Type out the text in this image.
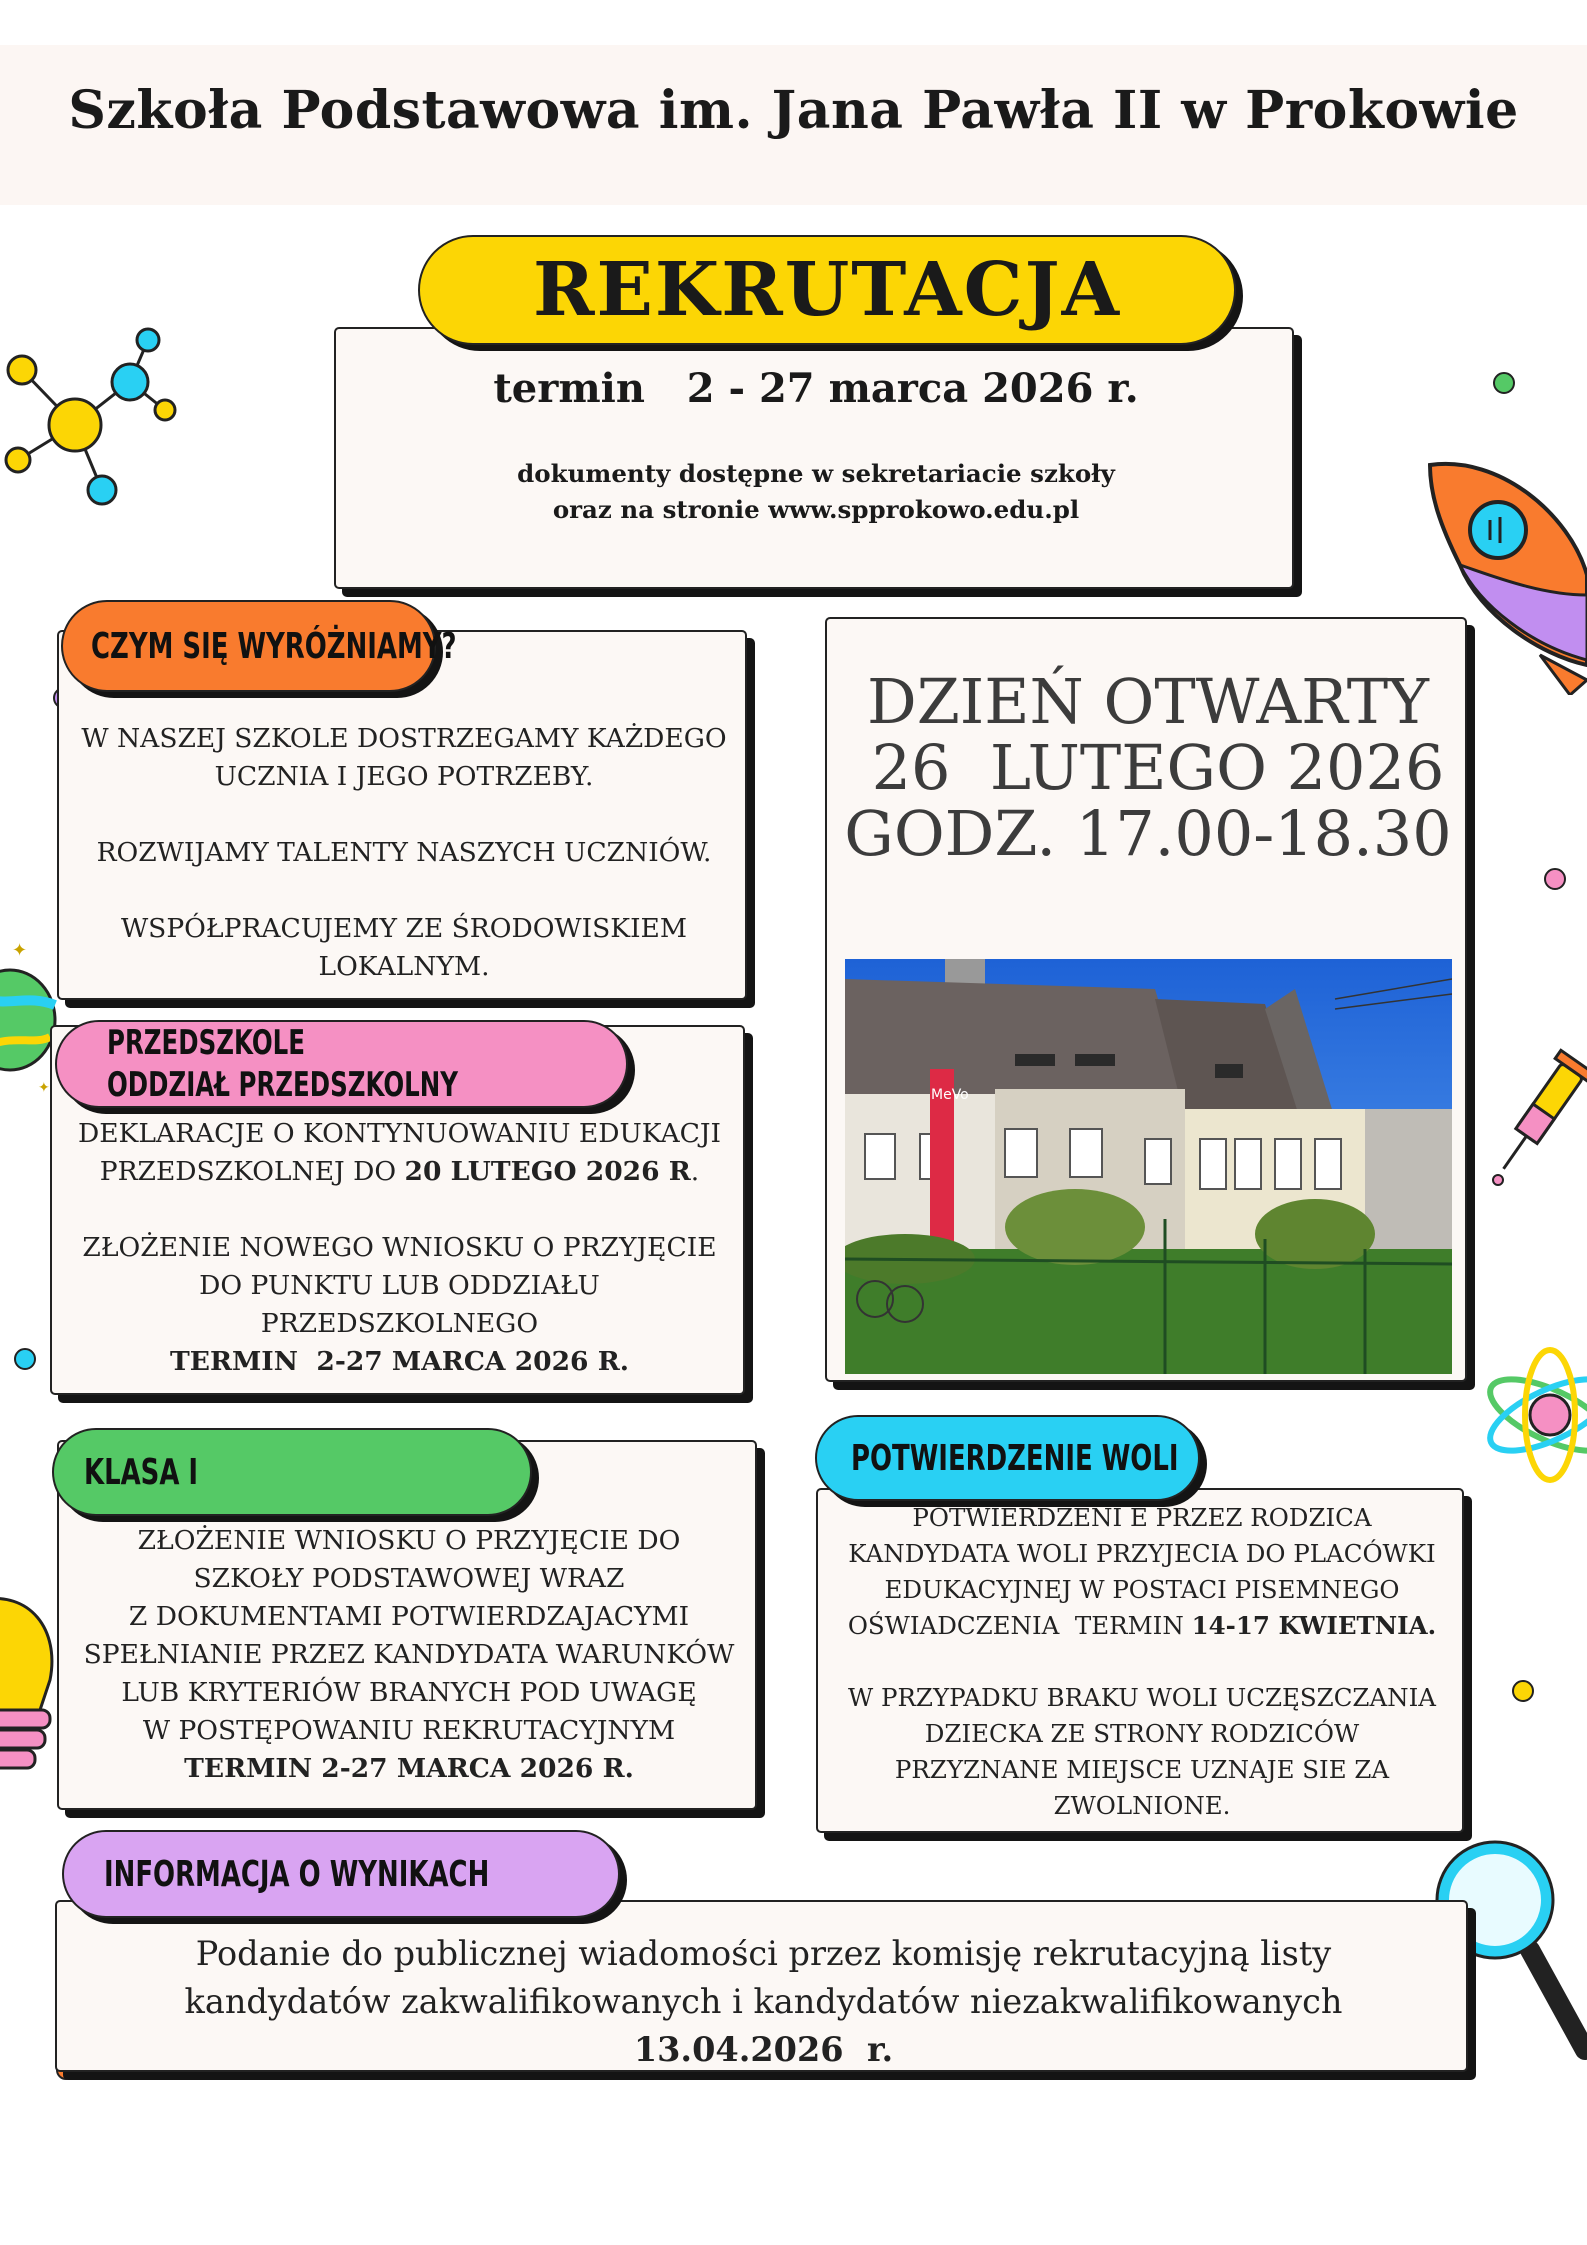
Szkoła Podstawowa im. Jana Pawła II w Prokowie
✦
✦
termin   2 - 27 marca 2026 r.
dokumenty dostępne w sekretariacie szkoły
oraz na stronie www.spprokowo.edu.pl
REKRUTACJA
W NASZEJ SZKOLE DOSTRZEGAMY KAŻDEGO
UCZNIA I JEGO POTRZEBY.
ROZWIJAMY TALENTY NASZYCH UCZNIÓW.
WSPÓŁPRACUJEMY ZE ŚRODOWISKIEM
LOKALNYM.
CZYM SIĘ WYRÓŻNIAMY?
DZIEŃ OTWARTY
26  LUTEGO 2026
GODZ. 17.00-18.30
MeVo
DEKLARACJE O KONTYNUOWANIU EDUKACJI
PRZEDSZKOLNEJ DO 20 LUTEGO 2026 R.
ZŁOŻENIE NOWEGO WNIOSKU O PRZYJĘCIE
DO PUNKTU LUB ODDZIAŁU
PRZEDSZKOLNEGO
TERMIN  2-27 MARCA 2026 R.
PRZEDSZKOLE
ODDZIAŁ PRZEDSZKOLNY
ZŁOŻENIE WNIOSKU O PRZYJĘCIE DO
SZKOŁY PODSTAWOWEJ WRAZ
Z DOKUMENTAMI POTWIERDZAJACYMI
SPEŁNIANIE PRZEZ KANDYDATA WARUNKÓW
LUB KRYTERIÓW BRANYCH POD UWAGĘ
W POSTĘPOWANIU REKRUTACYJNYM
TERMIN 2-27 MARCA 2026 R.
KLASA I
POTWIERDZENI E PRZEZ RODZICA
KANDYDATA WOLI PRZYJECIA DO PLACÓWKI
EDUKACYJNEJ W POSTACI PISEMNEGO
OŚWIADCZENIA  TERMIN 14-17 KWIETNIA.
W PRZYPADKU BRAKU WOLI UCZĘSZCZANIA
DZIECKA ZE STRONY RODZICÓW
PRZYZNANE MIEJSCE UZNAJE SIE ZA
ZWOLNIONE.
POTWIERDZENIE WOLI
Podanie do publicznej wiadomości przez komisję rekrutacyjną listy
kandydatów zakwalifikowanych i kandydatów niezakwalifikowanych
13.04.2026  r.
INFORMACJA O WYNIKACH
